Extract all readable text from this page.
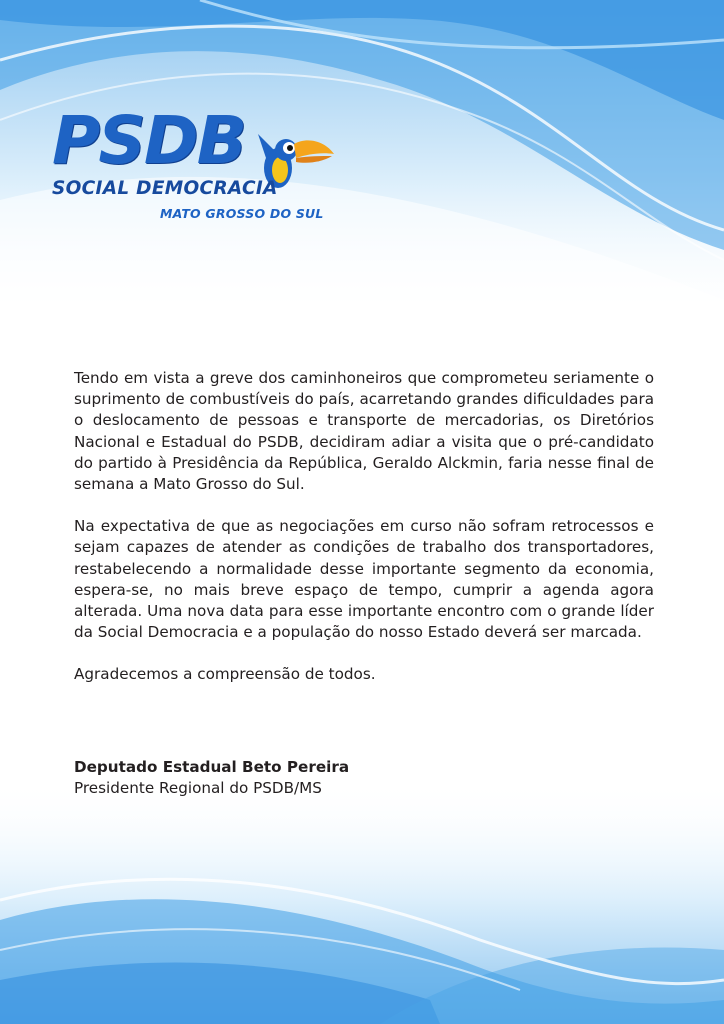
PSDB
SOCIAL DEMOCRACIA
MATO GROSSO DO SUL

Tendo em vista a greve dos caminhoneiros que comprometeu seriamente o suprimento de combustíveis do país, acarretando grandes dificuldades para o deslocamento de pessoas e transporte de mercadorias, os Diretórios Nacional e Estadual do PSDB, decidiram adiar a visita que o pré-candidato do partido à Presidência da República, Geraldo Alckmin, faria nesse final de semana a Mato Grosso do Sul.

Na expectativa de que as negociações em curso não sofram retrocessos e sejam capazes de atender as condições de trabalho dos transportadores, restabelecendo a normalidade desse importante segmento da economia, espera-se, no mais breve espaço de tempo, cumprir a agenda agora alterada. Uma nova data para esse importante encontro com o grande líder da Social Democracia e a população do nosso Estado deverá ser marcada.

Agradecemos a compreensão de todos.

Deputado Estadual Beto Pereira
Presidente Regional do PSDB/MS
